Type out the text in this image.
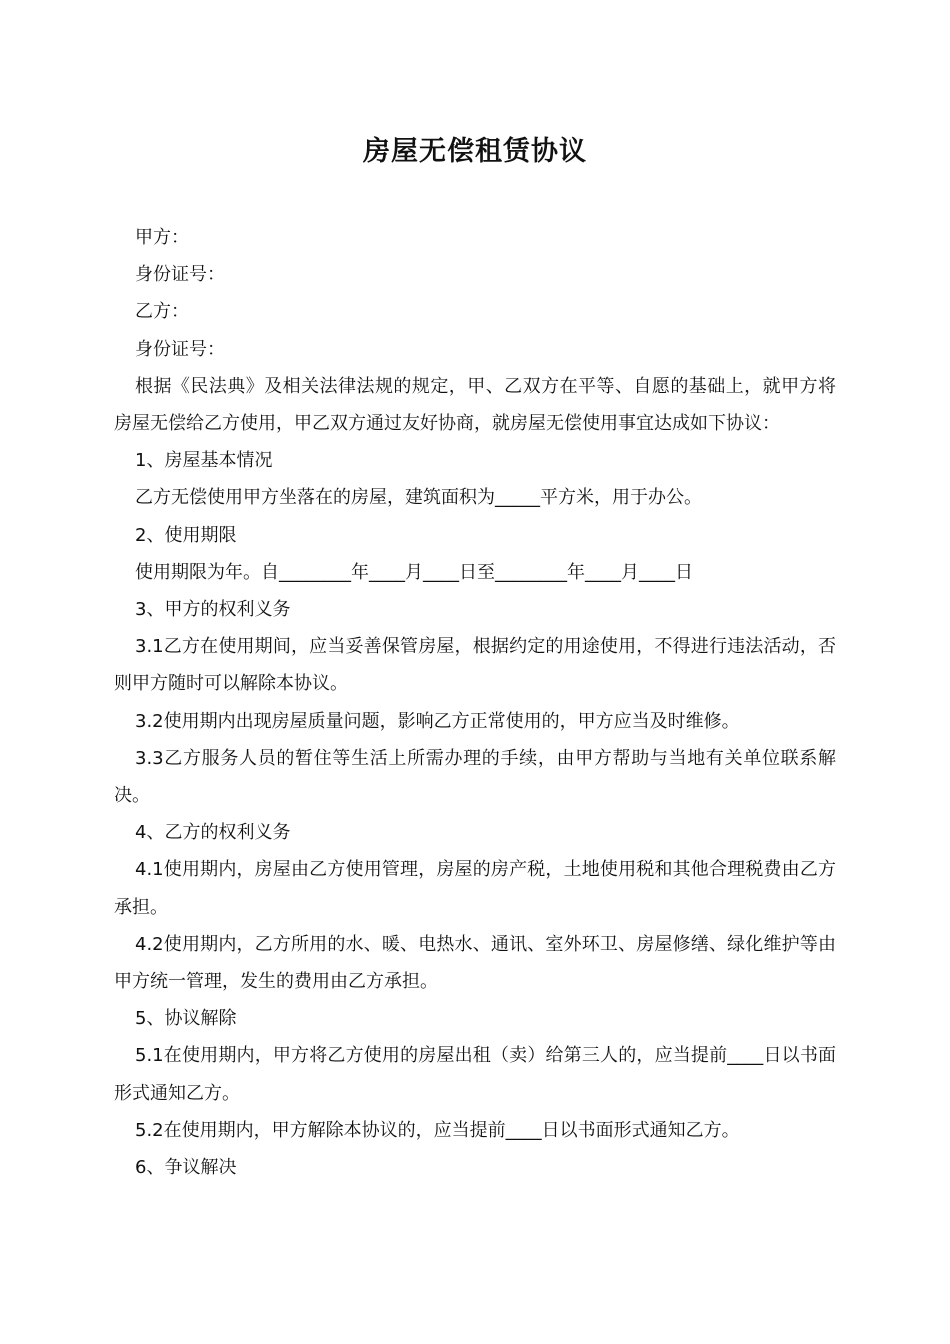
房屋无偿租赁协议

甲方：

身份证号：

乙方：

身份证号：

根据《民法典》及相关法律法规的规定，甲、乙双方在平等、自愿的基础上，就甲方将房屋无偿给乙方使用，甲乙双方通过友好协商，就房屋无偿使用事宜达成如下协议：

1、房屋基本情况

乙方无偿使用甲方坐落在的房屋，建筑面积为_____平方米，用于办公。

2、使用期限

使用期限为年。自________年____月____日至________年____月____日

3、甲方的权利义务

3.1乙方在使用期间，应当妥善保管房屋，根据约定的用途使用，不得进行违法活动，否则甲方随时可以解除本协议。

3.2使用期内出现房屋质量问题，影响乙方正常使用的，甲方应当及时维修。

3.3乙方服务人员的暂住等生活上所需办理的手续，由甲方帮助与当地有关单位联系解决。

4、乙方的权利义务

4.1使用期内，房屋由乙方使用管理，房屋的房产税，土地使用税和其他合理税费由乙方承担。

4.2使用期内，乙方所用的水、暖、电热水、通讯、室外环卫、房屋修缮、绿化维护等由甲方统一管理，发生的费用由乙方承担。

5、协议解除

5.1在使用期内，甲方将乙方使用的房屋出租（卖）给第三人的，应当提前____日以书面形式通知乙方。

5.2在使用期内，甲方解除本协议的，应当提前____日以书面形式通知乙方。

6、争议解决
